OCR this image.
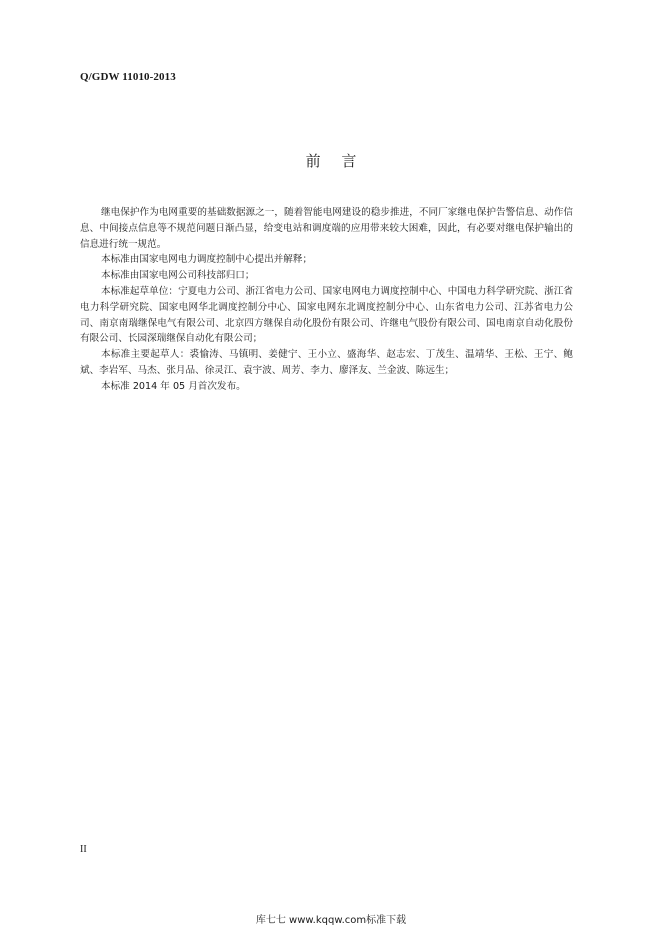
Q/GDW 11010-2013
前 言

继电保护作为电网重要的基础数据源之一，随着智能电网建设的稳步推进，不同厂家继电保护告警信息、动作信息、中间接点信息等不规范问题日渐凸显，给变电站和调度端的应用带来较大困难，因此，有必要对继电保护输出的信息进行统一规范。

本标准由国家电网电力调度控制中心提出并解释；

本标准由国家电网公司科技部归口；

本标准起草单位：宁夏电力公司、浙江省电力公司、国家电网电力调度控制中心、中国电力科学研究院、浙江省电力科学研究院、国家电网华北调度控制分中心、国家电网东北调度控制分中心、山东省电力公司、江苏省电力公司、南京南瑞继保电气有限公司、北京四方继保自动化股份有限公司、许继电气股份有限公司、国电南京自动化股份有限公司、长园深瑞继保自动化有限公司；

本标准主要起草人：裘愉涛、马镇明、姜健宁、王小立、盛海华、赵志宏、丁茂生、温靖华、王松、王宁、鲍斌、李岩军、马杰、张月品、徐灵江、袁宇波、周芳、李力、廖泽友、兰金波、陈远生；

本标准 2014 年 05 月首次发布。

II
库七七 www.kqqw.com标准下载
